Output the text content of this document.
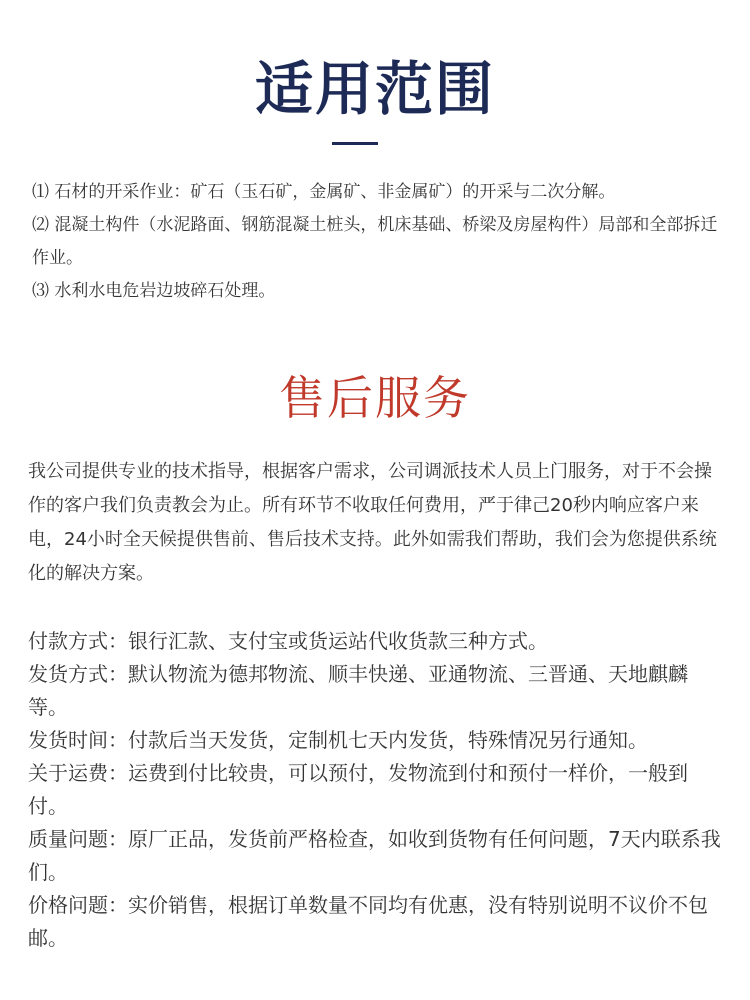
适用范围

⑴ 石材的开采作业：矿石（玉石矿，金属矿、非金属矿）的开采与二次分解。

⑵ 混凝土构件（水泥路面、钢筋混凝土桩头，机床基础、桥梁及房屋构件）局部和全部拆迁作业。

⑶ 水利水电危岩边坡碎石处理。

售后服务

我公司提供专业的技术指导，根据客户需求，公司调派技术人员上门服务，对于不会操作的客户我们负责教会为止。所有环节不收取任何费用，严于律己20秒内响应客户来电，24小时全天候提供售前、售后技术支持。此外如需我们帮助，我们会为您提供系统化的解决方案。

付款方式：银行汇款、支付宝或货运站代收货款三种方式。

发货方式：默认物流为德邦物流、顺丰快递、亚通物流、三晋通、天地麒麟等。

发货时间：付款后当天发货，定制机七天内发货，特殊情况另行通知。

关于运费：运费到付比较贵，可以预付，发物流到付和预付一样价，一般到付。

质量问题：原厂正品，发货前严格检查，如收到货物有任何问题，7天内联系我们。

价格问题：实价销售，根据订单数量不同均有优惠，没有特别说明不议价不包邮。
